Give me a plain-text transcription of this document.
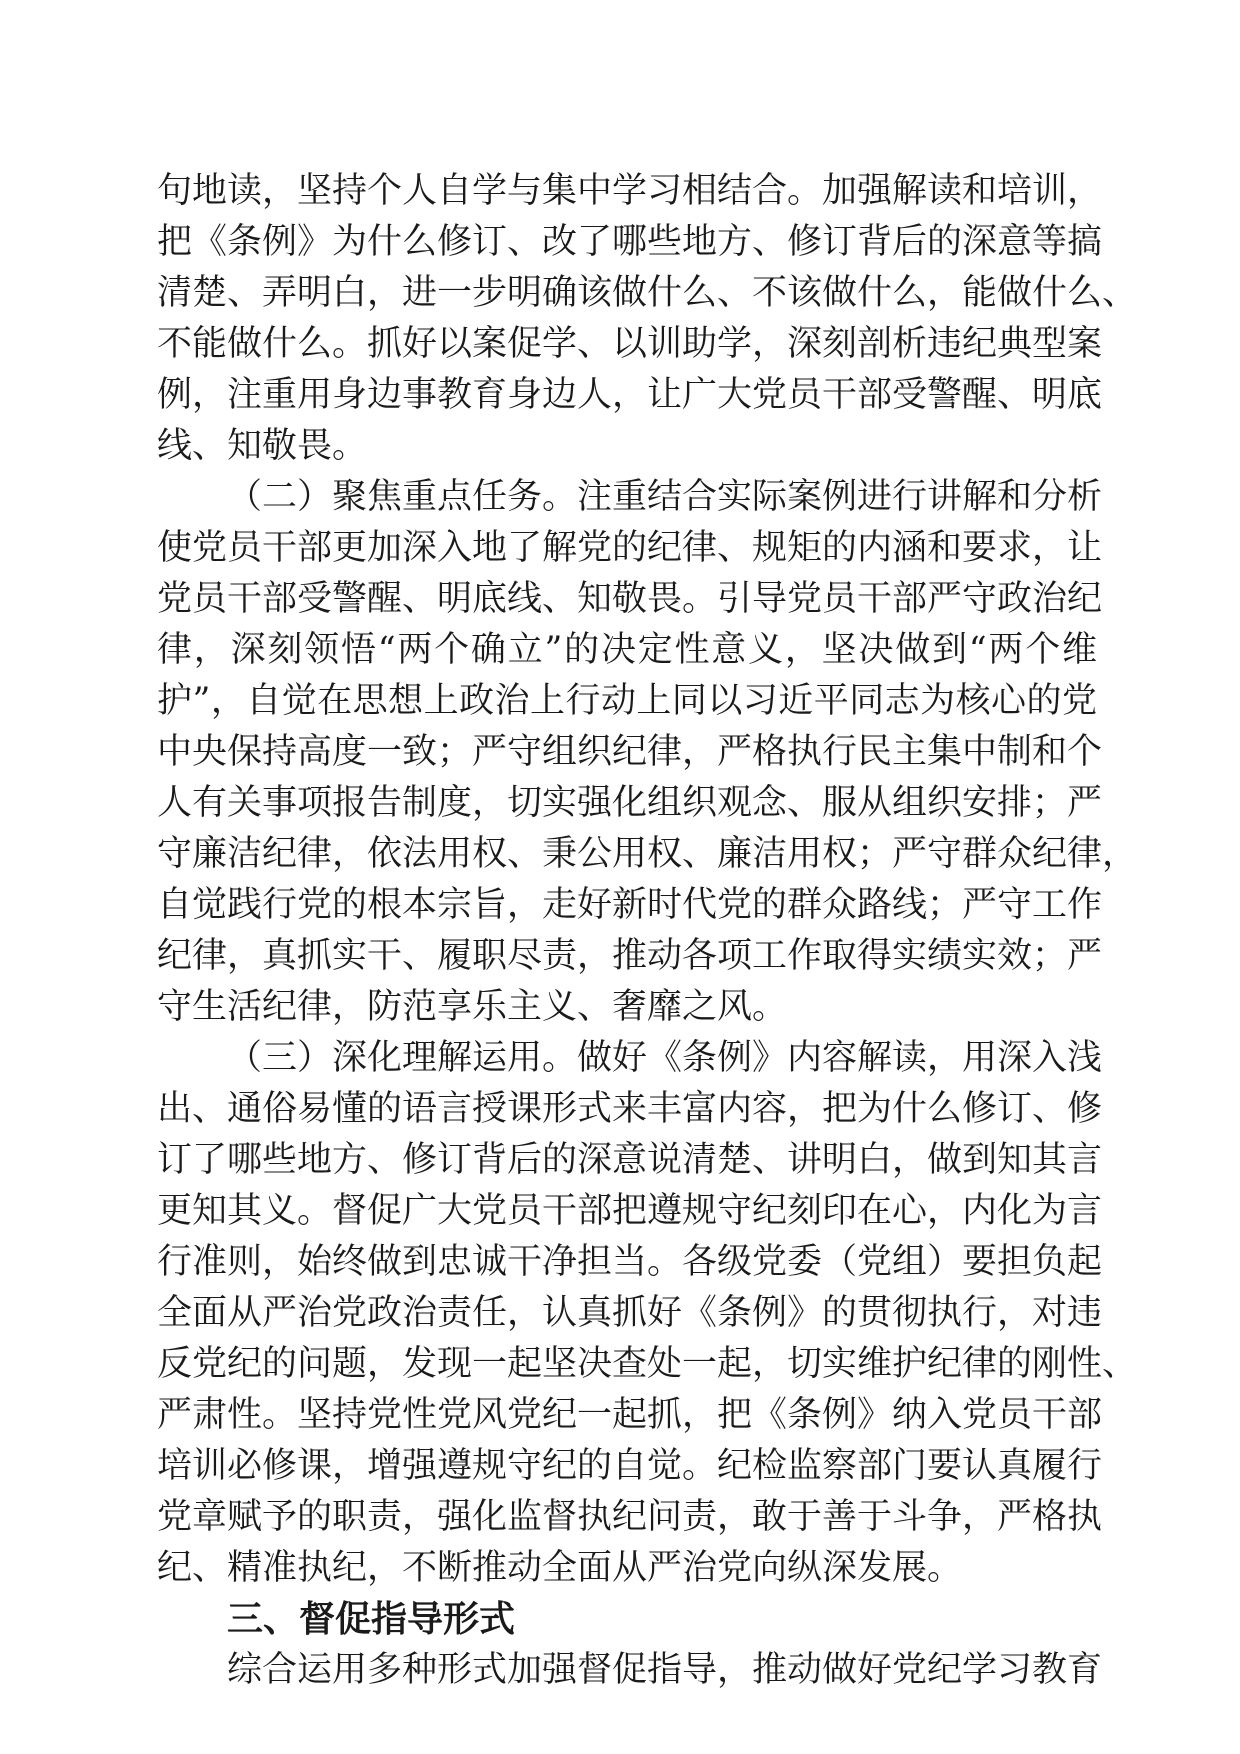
句地读，坚持个人自学与集中学习相结合。加强解读和培训，
把《条例》为什么修订、改了哪些地方、修订背后的深意等搞
清楚、弄明白，进一步明确该做什么、不该做什么，能做什么、
不能做什么。抓好以案促学、以训助学，深刻剖析违纪典型案
例，注重用身边事教育身边人，让广大党员干部受警醒、明底
线、知敬畏。
（二）聚焦重点任务。注重结合实际案例进行讲解和分析
使党员干部更加深入地了解党的纪律、规矩的内涵和要求，让
党员干部受警醒、明底线、知敬畏。引导党员干部严守政治纪
律，深刻领悟“两个确立”的决定性意义，坚决做到“两个维
护”，自觉在思想上政治上行动上同以习近平同志为核心的党
中央保持高度一致；严守组织纪律，严格执行民主集中制和个
人有关事项报告制度，切实强化组织观念、服从组织安排；严
守廉洁纪律，依法用权、秉公用权、廉洁用权；严守群众纪律，
自觉践行党的根本宗旨，走好新时代党的群众路线；严守工作
纪律，真抓实干、履职尽责，推动各项工作取得实绩实效；严
守生活纪律，防范享乐主义、奢靡之风。
（三）深化理解运用。做好《条例》内容解读，用深入浅
出、通俗易懂的语言授课形式来丰富内容，把为什么修订、修
订了哪些地方、修订背后的深意说清楚、讲明白，做到知其言
更知其义。督促广大党员干部把遵规守纪刻印在心，内化为言
行准则，始终做到忠诚干净担当。各级党委（党组）要担负起
全面从严治党政治责任，认真抓好《条例》的贯彻执行，对违
反党纪的问题，发现一起坚决查处一起，切实维护纪律的刚性、
严肃性。坚持党性党风党纪一起抓，把《条例》纳入党员干部
培训必修课，增强遵规守纪的自觉。纪检监察部门要认真履行
党章赋予的职责，强化监督执纪问责，敢于善于斗争，严格执
纪、精准执纪，不断推动全面从严治党向纵深发展。
三、督促指导形式
综合运用多种形式加强督促指导，推动做好党纪学习教育
